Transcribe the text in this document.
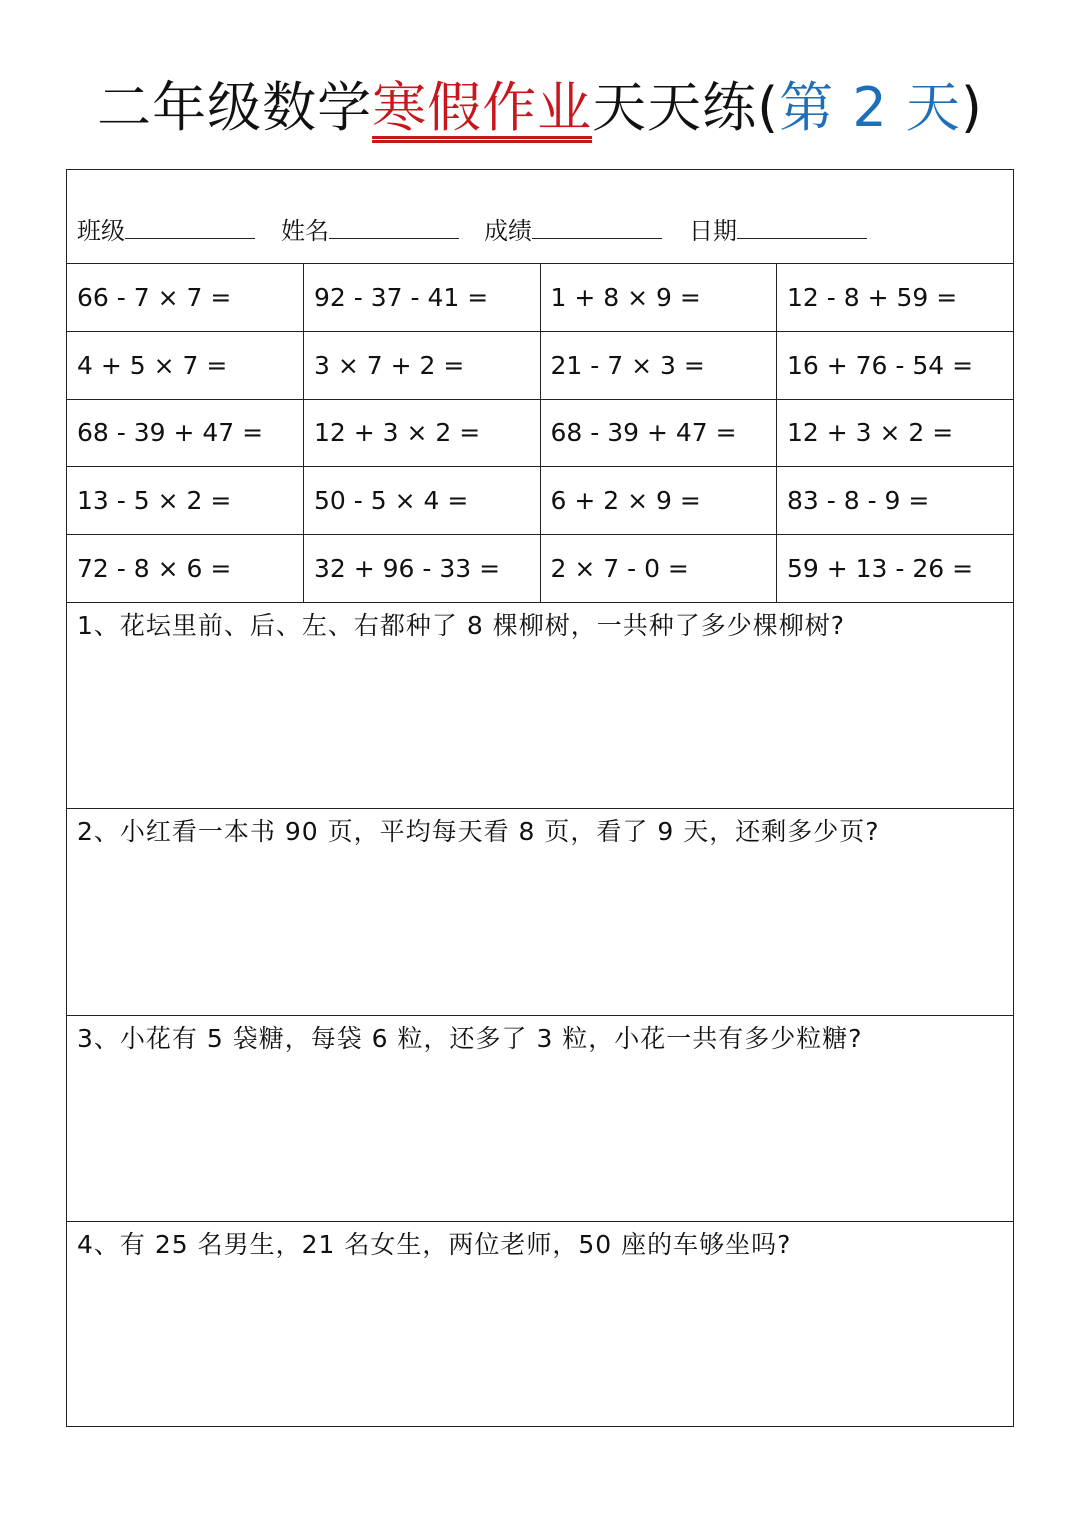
二年级数学寒假作业天天练(第 2 天)
班级	姓名	成绩	日期
66 - 7 × 7 =	92 - 37 - 41 =	1 + 8 × 9 =	12 - 8 + 59 =
4 + 5 × 7 =	3 × 7 + 2 =	21 - 7 × 3 =	16 + 76 - 54 =
68 - 39 + 47 =	12 + 3 × 2 =	68 - 39 + 47 =	12 + 3 × 2 =
13 - 5 × 2 =	50 - 5 × 4 =	6 + 2 × 9 =	83 - 8 - 9 =
72 - 8 × 6 =	32 + 96 - 33 =	2 × 7 - 0 =	59 + 13 - 26 =
1、花坛里前、后、左、右都种了 8 棵柳树，一共种了多少棵柳树?
2、小红看一本书 90 页，平均每天看 8 页，看了 9 天，还剩多少页?
3、小花有 5 袋糖，每袋 6 粒，还多了 3 粒，小花一共有多少粒糖?
4、有 25 名男生，21 名女生，两位老师，50 座的车够坐吗?
